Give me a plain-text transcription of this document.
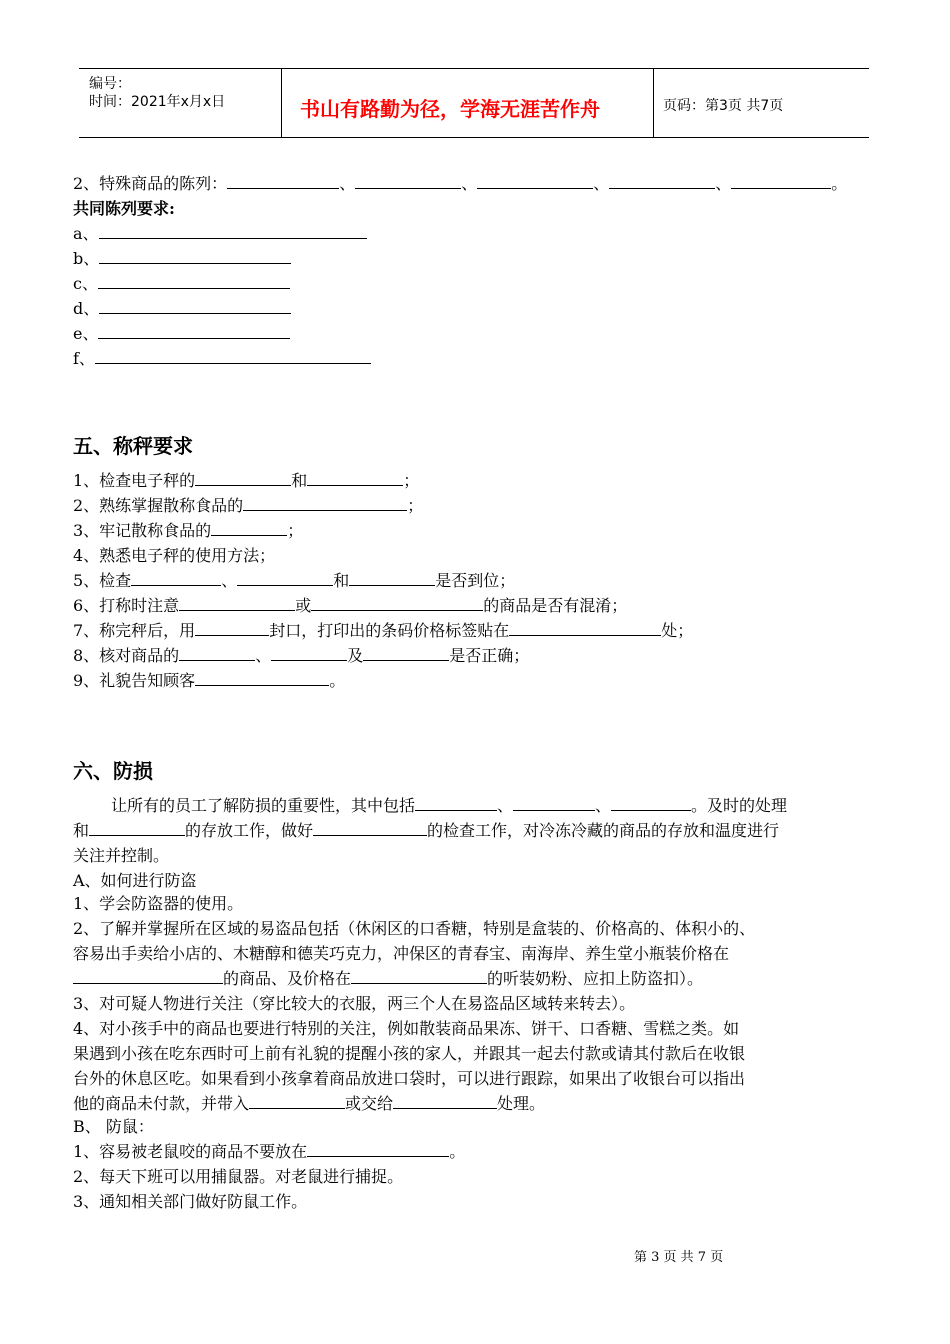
编号：
时间：2021年x月x日	书山有路勤为径，学海无涯苦作舟	页码：第3页 共7页
2、特殊商品的陈列：	、	、	、	、	。
共同陈列要求:
a、
b、
c、
d、
e、
f、
五、称秤要求
1、检查电子秤的	和	；
2、熟练掌握散称食品的	；
3、牢记散称食品的	；
4、熟悉电子秤的使用方法；
5、检查	、	和	是否到位；
6、打称时注意	或	的商品是否有混淆；
7、称完秤后，用	封口，打印出的条码价格标签贴在	处；
8、核对商品的	、	及	是否正确；
9、礼貌告知顾客	。
六、防损
让所有的员工了解防损的重要性，其中包括	、	、	。及时的处理
和	的存放工作，做好	的检查工作，对冷冻冷藏的商品的存放和温度进行
关注并控制。
A、如何进行防盗
1、学会防盗器的使用。
2、了解并掌握所在区域的易盗品包括（休闲区的口香糖，特别是盒装的、价格高的、体积小的、
容易出手卖给小店的、木糖醇和德芙巧克力，冲保区的青春宝、南海岸、养生堂小瓶装价格在
的商品、及价格在	的听装奶粉、应扣上防盗扣）。
3、对可疑人物进行关注（穿比较大的衣服，两三个人在易盗品区域转来转去）。
4、对小孩手中的商品也要进行特别的关注，例如散装商品果冻、饼干、口香糖、雪糕之类。如
果遇到小孩在吃东西时可上前有礼貌的提醒小孩的家人，并跟其一起去付款或请其付款后在收银
台外的休息区吃。如果看到小孩拿着商品放进口袋时，可以进行跟踪，如果出了收银台可以指出
他的商品未付款，并带入	或交给	处理。
B、 防鼠：
1、容易被老鼠咬的商品不要放在	。
2、每天下班可以用捕鼠器。对老鼠进行捕捉。
3、通知相关部门做好防鼠工作。
第 3 页 共 7 页
